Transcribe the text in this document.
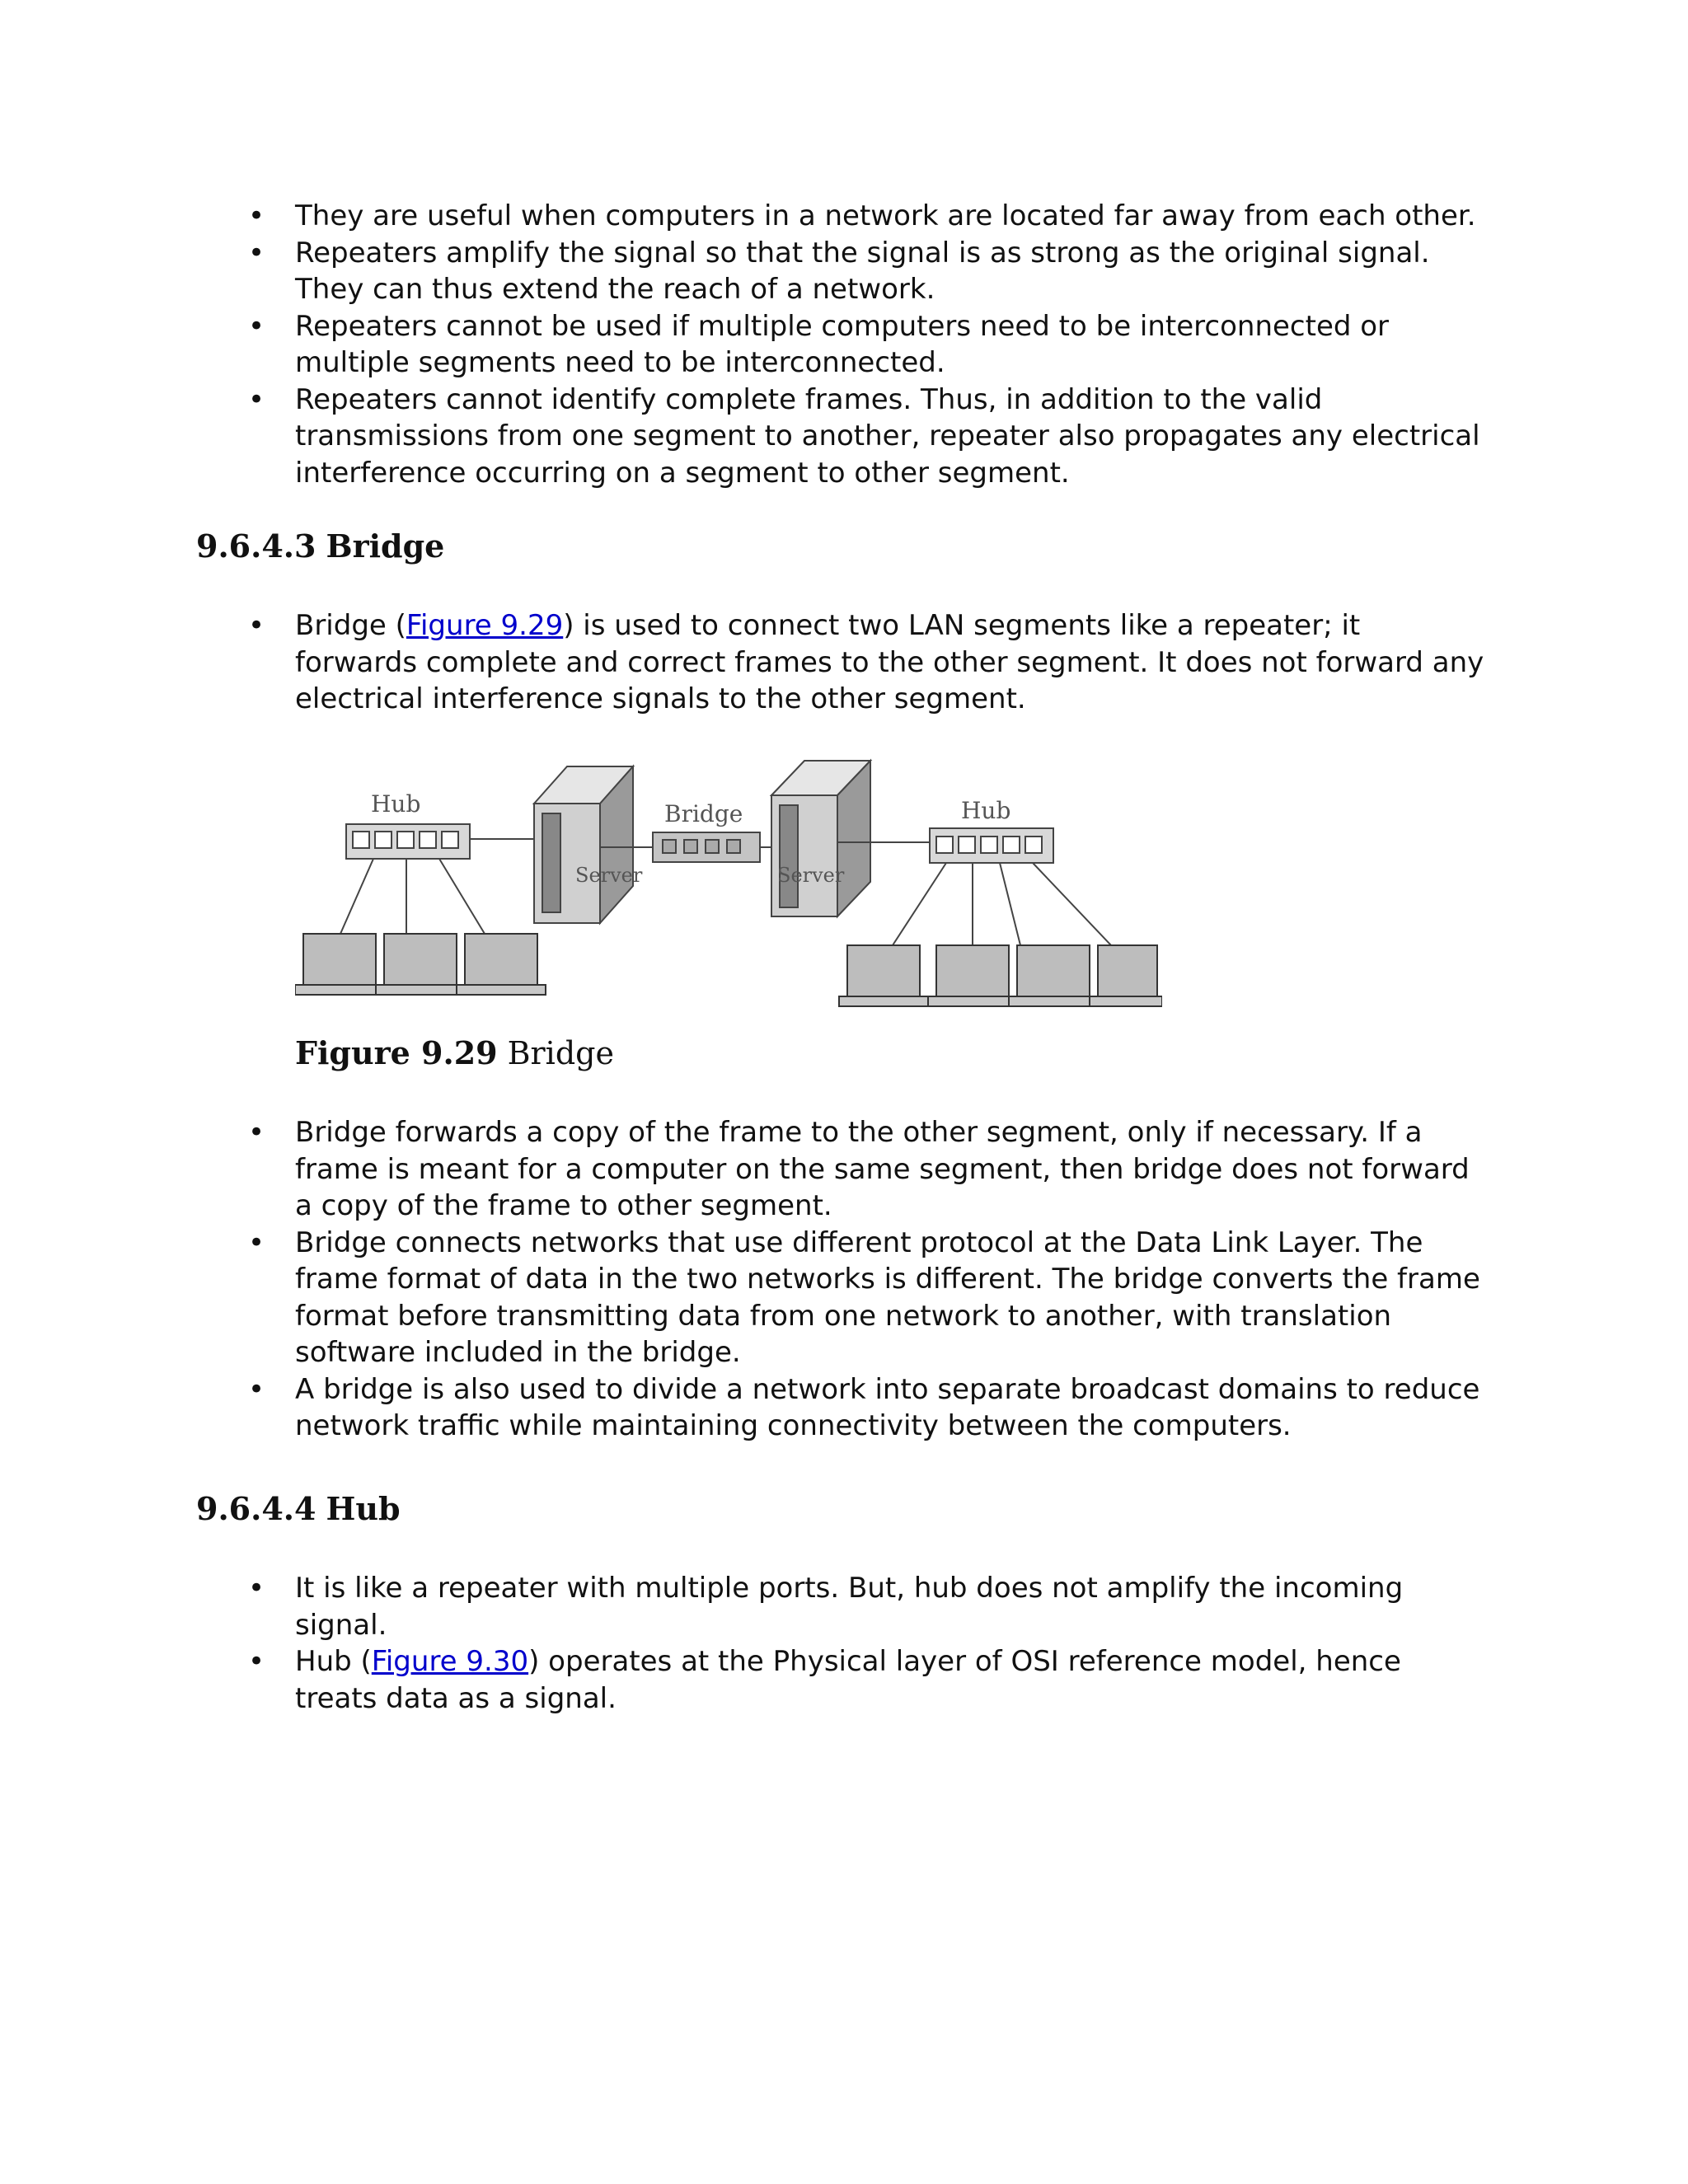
• They are useful when computers in a network are located far away from each other.
• Repeaters amplify the signal so that the signal is as strong as the original signal. They can thus extend the reach of a network.
• Repeaters cannot be used if multiple computers need to be interconnected or multiple segments need to be interconnected.
• Repeaters cannot identify complete frames. Thus, in addition to the valid transmissions from one segment to another, repeater also propagates any electrical interference occurring on a segment to other segment.
9.6.4.3 Bridge
• Bridge (Figure 9.29) is used to connect two LAN segments like a repeater; it forwards complete and correct frames to the other segment. It does not forward any electrical interference signals to the other segment.
Hub	Bridge	Hub
Server	Server

Figure 9.29 Bridge

• Bridge forwards a copy of the frame to the other segment, only if necessary. If a frame is meant for a computer on the same segment, then bridge does not forward a copy of the frame to other segment.
• Bridge connects networks that use different protocol at the Data Link Layer. The frame format of data in the two networks is different. The bridge converts the frame format before transmitting data from one network to another, with translation software included in the bridge.
• A bridge is also used to divide a network into separate broadcast domains to reduce network traffic while maintaining connectivity between the computers.
9.6.4.4 Hub
• It is like a repeater with multiple ports. But, hub does not amplify the incoming signal.
• Hub (Figure 9.30) operates at the Physical layer of OSI reference model, hence treats data as a signal.
